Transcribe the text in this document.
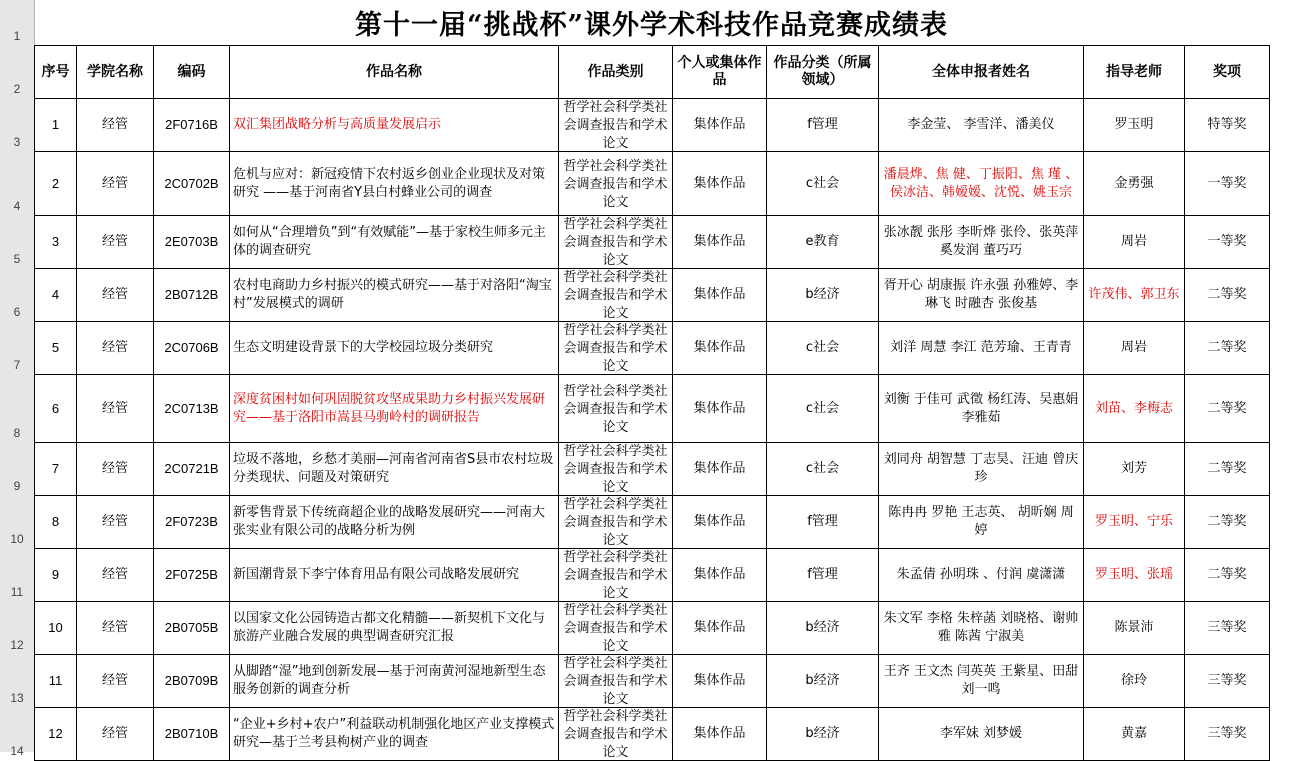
1
2
3
4
5
6
7
8
9
10
11
12
13
14
第十一届“挑战杯”课外学术科技作品竞赛成绩表
序号	学院名称	编码	作品名称	作品类别	个人或集体作品	作品分类（所属领域）	全体申报者姓名	指导老师	奖项

1	经管	2F0716B	双汇集团战略分析与高质量发展启示	哲学社会科学类社会调查报告和学术论文	集体作品	f管理	李金莹、 李雪洋、潘美仪	罗玉明	特等奖

2	经管	2C0702B	危机与应对：新冠疫情下农村返乡创业企业现状及对策研究 ——基于河南省Y县白村蜂业公司的调查	哲学社会科学类社会调查报告和学术论文	集体作品	c社会	潘晨烨、焦 健、丁振阳、焦 瑾 、侯冰洁、韩嫒嫒、沈悦、姚玉宗	金勇强	一等奖

3	经管	2E0703B	如何从“合理增负”到“有效赋能”—基于家校生师多元主体的调查研究	哲学社会科学类社会调查报告和学术论文	集体作品	e教育	张冰靓 张彤 李昕烨 张伶、张英萍 奚发润 董巧巧	周岩	一等奖

4	经管	2B0712B	农村电商助力乡村振兴的模式研究——基于对洛阳“淘宝村”发展模式的调研	哲学社会科学类社会调查报告和学术论文	集体作品	b经济	胥开心 胡康振 许永强 孙雅婷、李琳飞 时融杏 张俊基	许茂伟、郭卫东	二等奖

5	经管	2C0706B	生态文明建设背景下的大学校园垃圾分类研究	哲学社会科学类社会调查报告和学术论文	集体作品	c社会	刘洋 周慧 李江 范芳瑜、王青青	周岩	二等奖

6	经管	2C0713B	深度贫困村如何巩固脱贫攻坚成果助力乡村振兴发展研究——基于洛阳市嵩县马驹岭村的调研报告	哲学社会科学类社会调查报告和学术论文	集体作品	c社会	刘衡 于佳可 武徵 杨红涛、吴惠娟 李雅茹	刘苗、李梅志	二等奖

7	经管	2C0721B	垃圾不落地，乡愁才美丽—河南省河南省S县市农村垃圾分类现状、问题及对策研究	哲学社会科学类社会调查报告和学术论文	集体作品	c社会	刘同舟 胡智慧 丁志昊、汪迪 曾庆珍	刘芳	二等奖

8	经管	2F0723B	新零售背景下传统商超企业的战略发展研究——河南大张实业有限公司的战略分析为例	哲学社会科学类社会调查报告和学术论文	集体作品	f管理	陈冉冉 罗艳 王志英、 胡昕娴 周婷	罗玉明、宁乐	二等奖

9	经管	2F0725B	新国潮背景下李宁体育用品有限公司战略发展研究	哲学社会科学类社会调查报告和学术论文	集体作品	f管理	朱孟倩 孙明珠 、付润 虞潇潇	罗玉明、张瑶	二等奖

10	经管	2B0705B	以国家文化公园铸造古都文化精髓——新契机下文化与旅游产业融合发展的典型调查研究汇报	哲学社会科学类社会调查报告和学术论文	集体作品	b经济	朱文军 李格 朱梓菡 刘晓格、谢帅雅 陈茜 宁淑美	陈景沛	三等奖

11	经管	2B0709B	从脚踏“湿”地到创新发展—基于河南黄河湿地新型生态服务创新的调查分析	哲学社会科学类社会调查报告和学术论文	集体作品	b经济	王齐 王文杰 闫英英 王紫星、田甜 刘一鸣	徐玲	三等奖

12	经管	2B0710B	“企业+乡村+农户”利益联动机制强化地区产业支撑模式研究—基于兰考县枸树产业的调查	哲学社会科学类社会调查报告和学术论文	集体作品	b经济	李军妹 刘梦媛	黄嘉	三等奖
